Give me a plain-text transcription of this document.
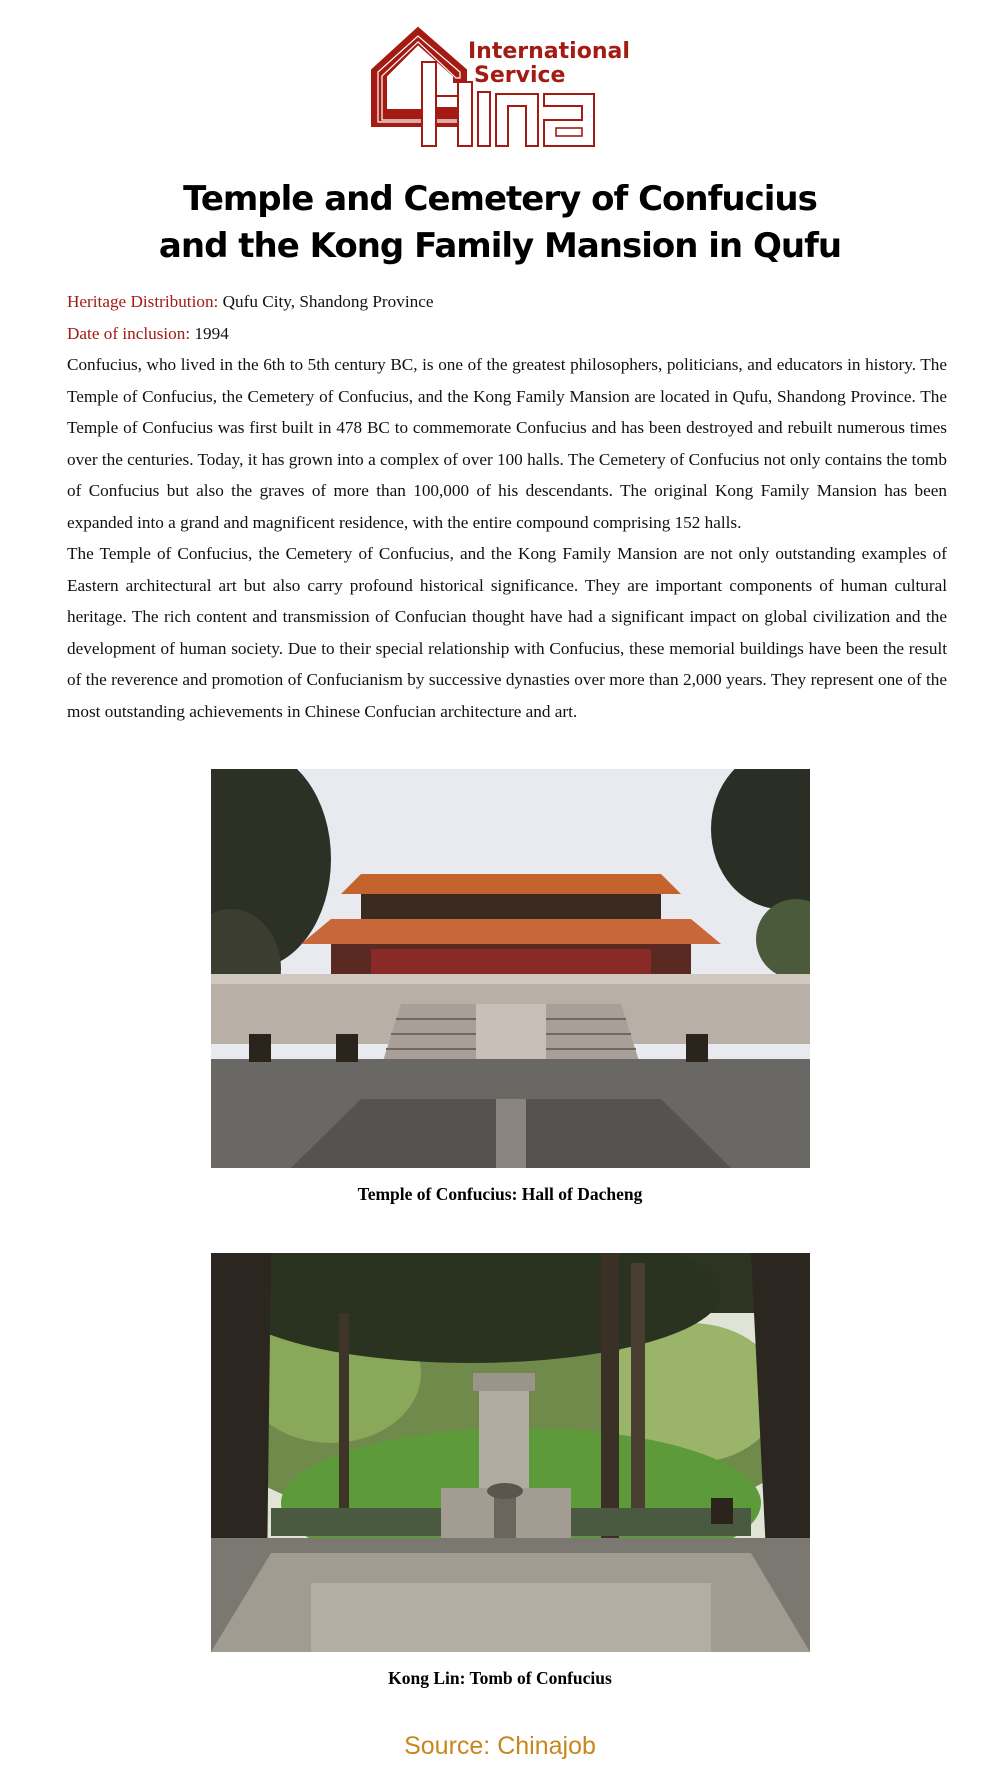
International
Service
Temple and Cemetery of Confucius
and the Kong Family Mansion in Qufu

Heritage Distribution: Qufu City, Shandong Province

Date of inclusion: 1994

Confucius, who lived in the 6th to 5th century BC, is one of the greatest philosophers, politicians, and educators in history. The Temple of Confucius, the Cemetery of Confucius, and the Kong Family Mansion are located in Qufu, Shandong Province. The Temple of Confucius was first built in 478 BC to commemorate Confucius and has been destroyed and rebuilt numerous times over the centuries. Today, it has grown into a complex of over 100 halls. The Cemetery of Confucius not only contains the tomb of Confucius but also the graves of more than 100,000 of his descendants. The original Kong Family Mansion has been expanded into a grand and magnificent residence, with the entire compound comprising 152 halls.

The Temple of Confucius, the Cemetery of Confucius, and the Kong Family Mansion are not only outstanding examples of Eastern architectural art but also carry profound historical significance. They are important components of human cultural heritage. The rich content and transmission of Confucian thought have had a significant impact on global civilization and the development of human society. Due to their special relationship with Confucius, these memorial buildings have been the result of the reverence and promotion of Confucianism by successive dynasties over more than 2,000 years. They represent one of the most outstanding achievements in Chinese Confucian architecture and art.

Temple of Confucius: Hall of Dacheng
Kong Lin: Tomb of Confucius
Source: Chinajob
